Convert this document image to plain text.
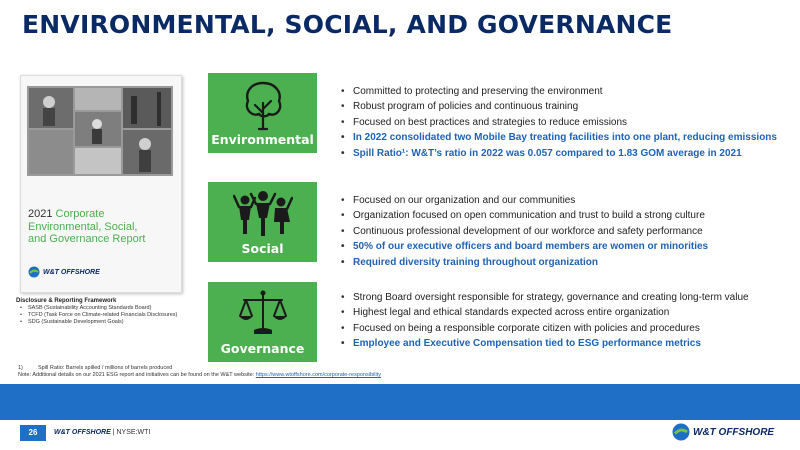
ENVIRONMENTAL, SOCIAL, AND GOVERNANCE
2021 Corporate
Environmental, Social,
and Governance Report
W&T OFFSHORE
Disclosure & Reporting Framework
• SASB (Sustainability Accounting Standards Board)
• TCFD (Task Force on Climate-related Financials Disclosures)
• SDG (Sustainable Development Goals)
Environmental
• Committed to protecting and preserving the environment
• Robust program of policies and continuous training
• Focused on best practices and strategies to reduce emissions
• In 2022 consolidated two Mobile Bay treating facilities into one plant, reducing emissions
• Spill Ratio¹: W&T’s ratio in 2022 was 0.057 compared to 1.83 GOM average in 2021
Social
• Focused on our organization and our communities
• Organization focused on open communication and trust to build a strong culture
• Continuous professional development of our workforce and safety performance
• 50% of our executive officers and board members are women or minorities
• Required diversity training throughout organization
Governance
• Strong Board oversight responsible for strategy, governance and creating long-term value
• Highest legal and ethical standards expected across entire organization
• Focused on being a responsible corporate citizen with policies and procedures
• Employee and Executive Compensation tied to ESG performance metrics
1)	Spill Ratio: Barrels spilled / millions of barrels produced
Note: Additional details on our 2021 ESG report and initiatives can be found on the W&T website: https://www.wtoffshore.com/corporate-responsibility
26	W&T OFFSHORE | NYSE:WTI	W&T OFFSHORE
